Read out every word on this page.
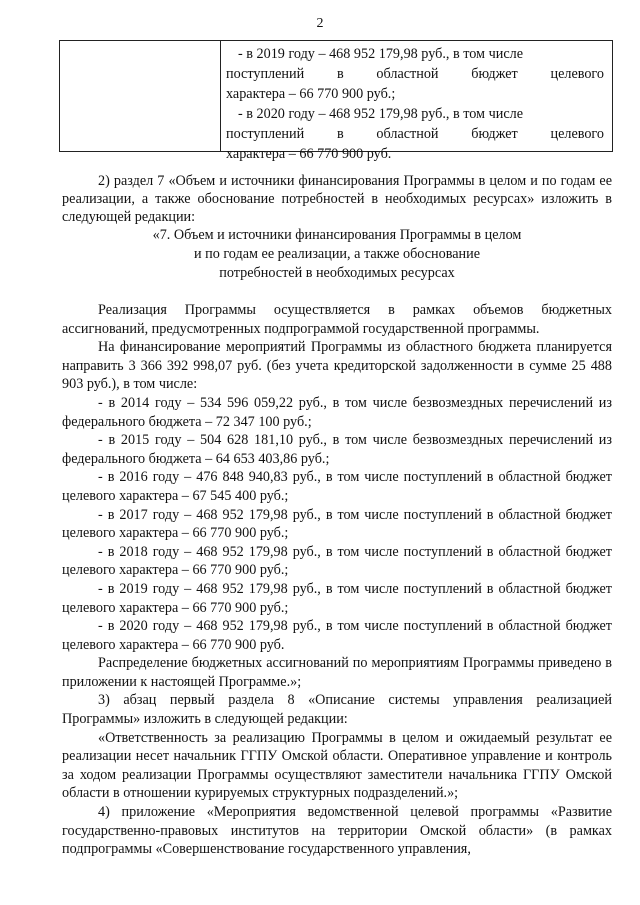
2

- в 2019 году – 468 952 179,98 руб., в том числе

поступлений в областной бюджет целевого

характера – 66 770 900 руб.;

- в 2020 году – 468 952 179,98 руб., в том числе

поступлений в областной бюджет целевого

характера – 66 770 900 руб.

2) раздел 7 «Объем и источники финансирования Программы в целом и по годам ее реализации, а также обоснование потребностей в необходимых ресурсах» изложить в следующей редакции:

«7. Объем и источники финансирования Программы в целом
и по годам ее реализации, а также обоснование
потребностей в необходимых ресурсах

Реализация Программы осуществляется в рамках объемов бюджетных ассигнований, предусмотренных подпрограммой государственной программы.

На финансирование мероприятий Программы из областного бюджета планируется направить 3 366 392 998,07 руб. (без учета кредиторской задолженности в сумме 25 488 903 руб.), в том числе:

- в 2014 году – 534 596 059,22 руб., в том числе безвозмездных перечислений из федерального бюджета – 72 347 100 руб.;

- в 2015 году – 504 628 181,10 руб., в том числе безвозмездных перечислений из федерального бюджета – 64 653 403,86 руб.;

- в 2016 году – 476 848 940,83 руб., в том числе поступлений в областной бюджет целевого характера – 67 545 400 руб.;

- в 2017 году – 468 952 179,98 руб., в том числе поступлений в областной бюджет целевого характера – 66 770 900 руб.;

- в 2018 году – 468 952 179,98 руб., в том числе поступлений в областной бюджет целевого характера – 66 770 900 руб.;

- в 2019 году – 468 952 179,98 руб., в том числе поступлений в областной бюджет целевого характера – 66 770 900 руб.;

- в 2020 году – 468 952 179,98 руб., в том числе поступлений в областной бюджет целевого характера – 66 770 900 руб.

Распределение бюджетных ассигнований по мероприятиям Программы приведено в приложении к настоящей Программе.»;

3) абзац первый раздела 8 «Описание системы управления реализацией Программы» изложить в следующей редакции:

«Ответственность за реализацию Программы в целом и ожидаемый результат ее реализации несет начальник ГГПУ Омской области. Оперативное управление и контроль за ходом реализации Программы осуществляют заместители начальника ГГПУ Омской области в отношении курируемых структурных подразделений.»;

4) приложение «Мероприятия ведомственной целевой программы «Развитие государственно-правовых институтов на территории Омской области» (в рамках подпрограммы «Совершенствование государственного управления,
